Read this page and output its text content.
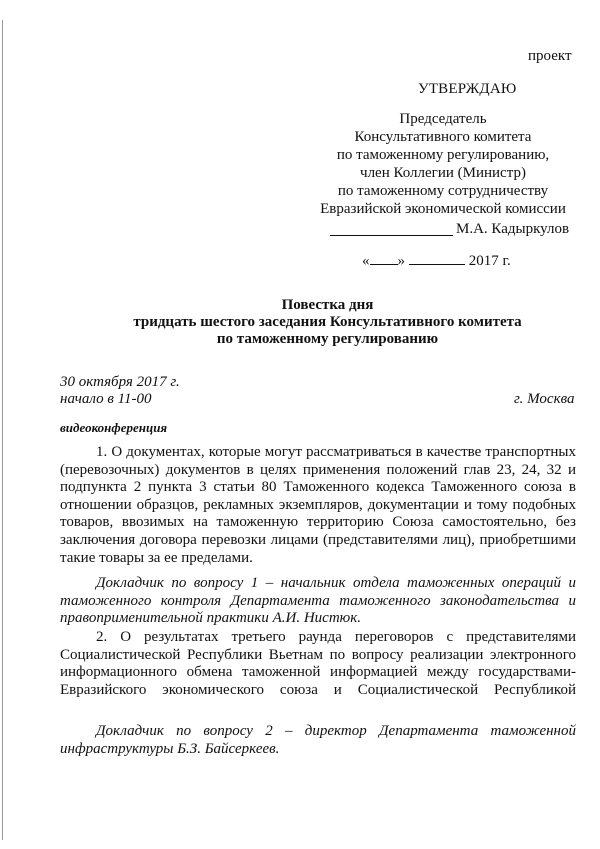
проект
УТВЕРЖДАЮ
Председатель
Консультативного комитета
по таможенному регулированию,
член Коллегии (Министр)
по таможенному сотрудничеству
Евразийской экономической комиссии
М.А. Кадыркулов
« »	2017 г.
Повестка дня
тридцать шестого заседания Консультативного комитета
по таможенному регулированию
30 октября 2017 г.
начало в 11-00	г. Москва
видеоконференция
1. О документах, которые могут рассматриваться в качестве транспортных
(перевозочных) документов в целях применения положений глав 23, 24, 32 и
подпункта 2 пункта 3 статьи 80 Таможенного кодекса Таможенного союза в
отношении образцов, рекламных экземпляров, документации и тому подобных
товаров, ввозимых на таможенную территорию Союза самостоятельно, без
заключения договора перевозки лицами (представителями лиц), приобретшими
такие товары за ее пределами.
Докладчик по вопросу 1 – начальник отдела таможенных операций и
таможенного контроля Департамента таможенного законодательства и
правоприменительной практики А.И. Нистюк.
2. О результатах третьего раунда переговоров с представителями
Социалистической Республики Вьетнам по вопросу реализации электронного
информационного обмена таможенной информацией между государствами-
Евразийского экономического союза и Социалистической Республикой
Докладчик по вопросу 2 – директор Департамента таможенной
инфраструктуры Б.З. Байсеркеев.
